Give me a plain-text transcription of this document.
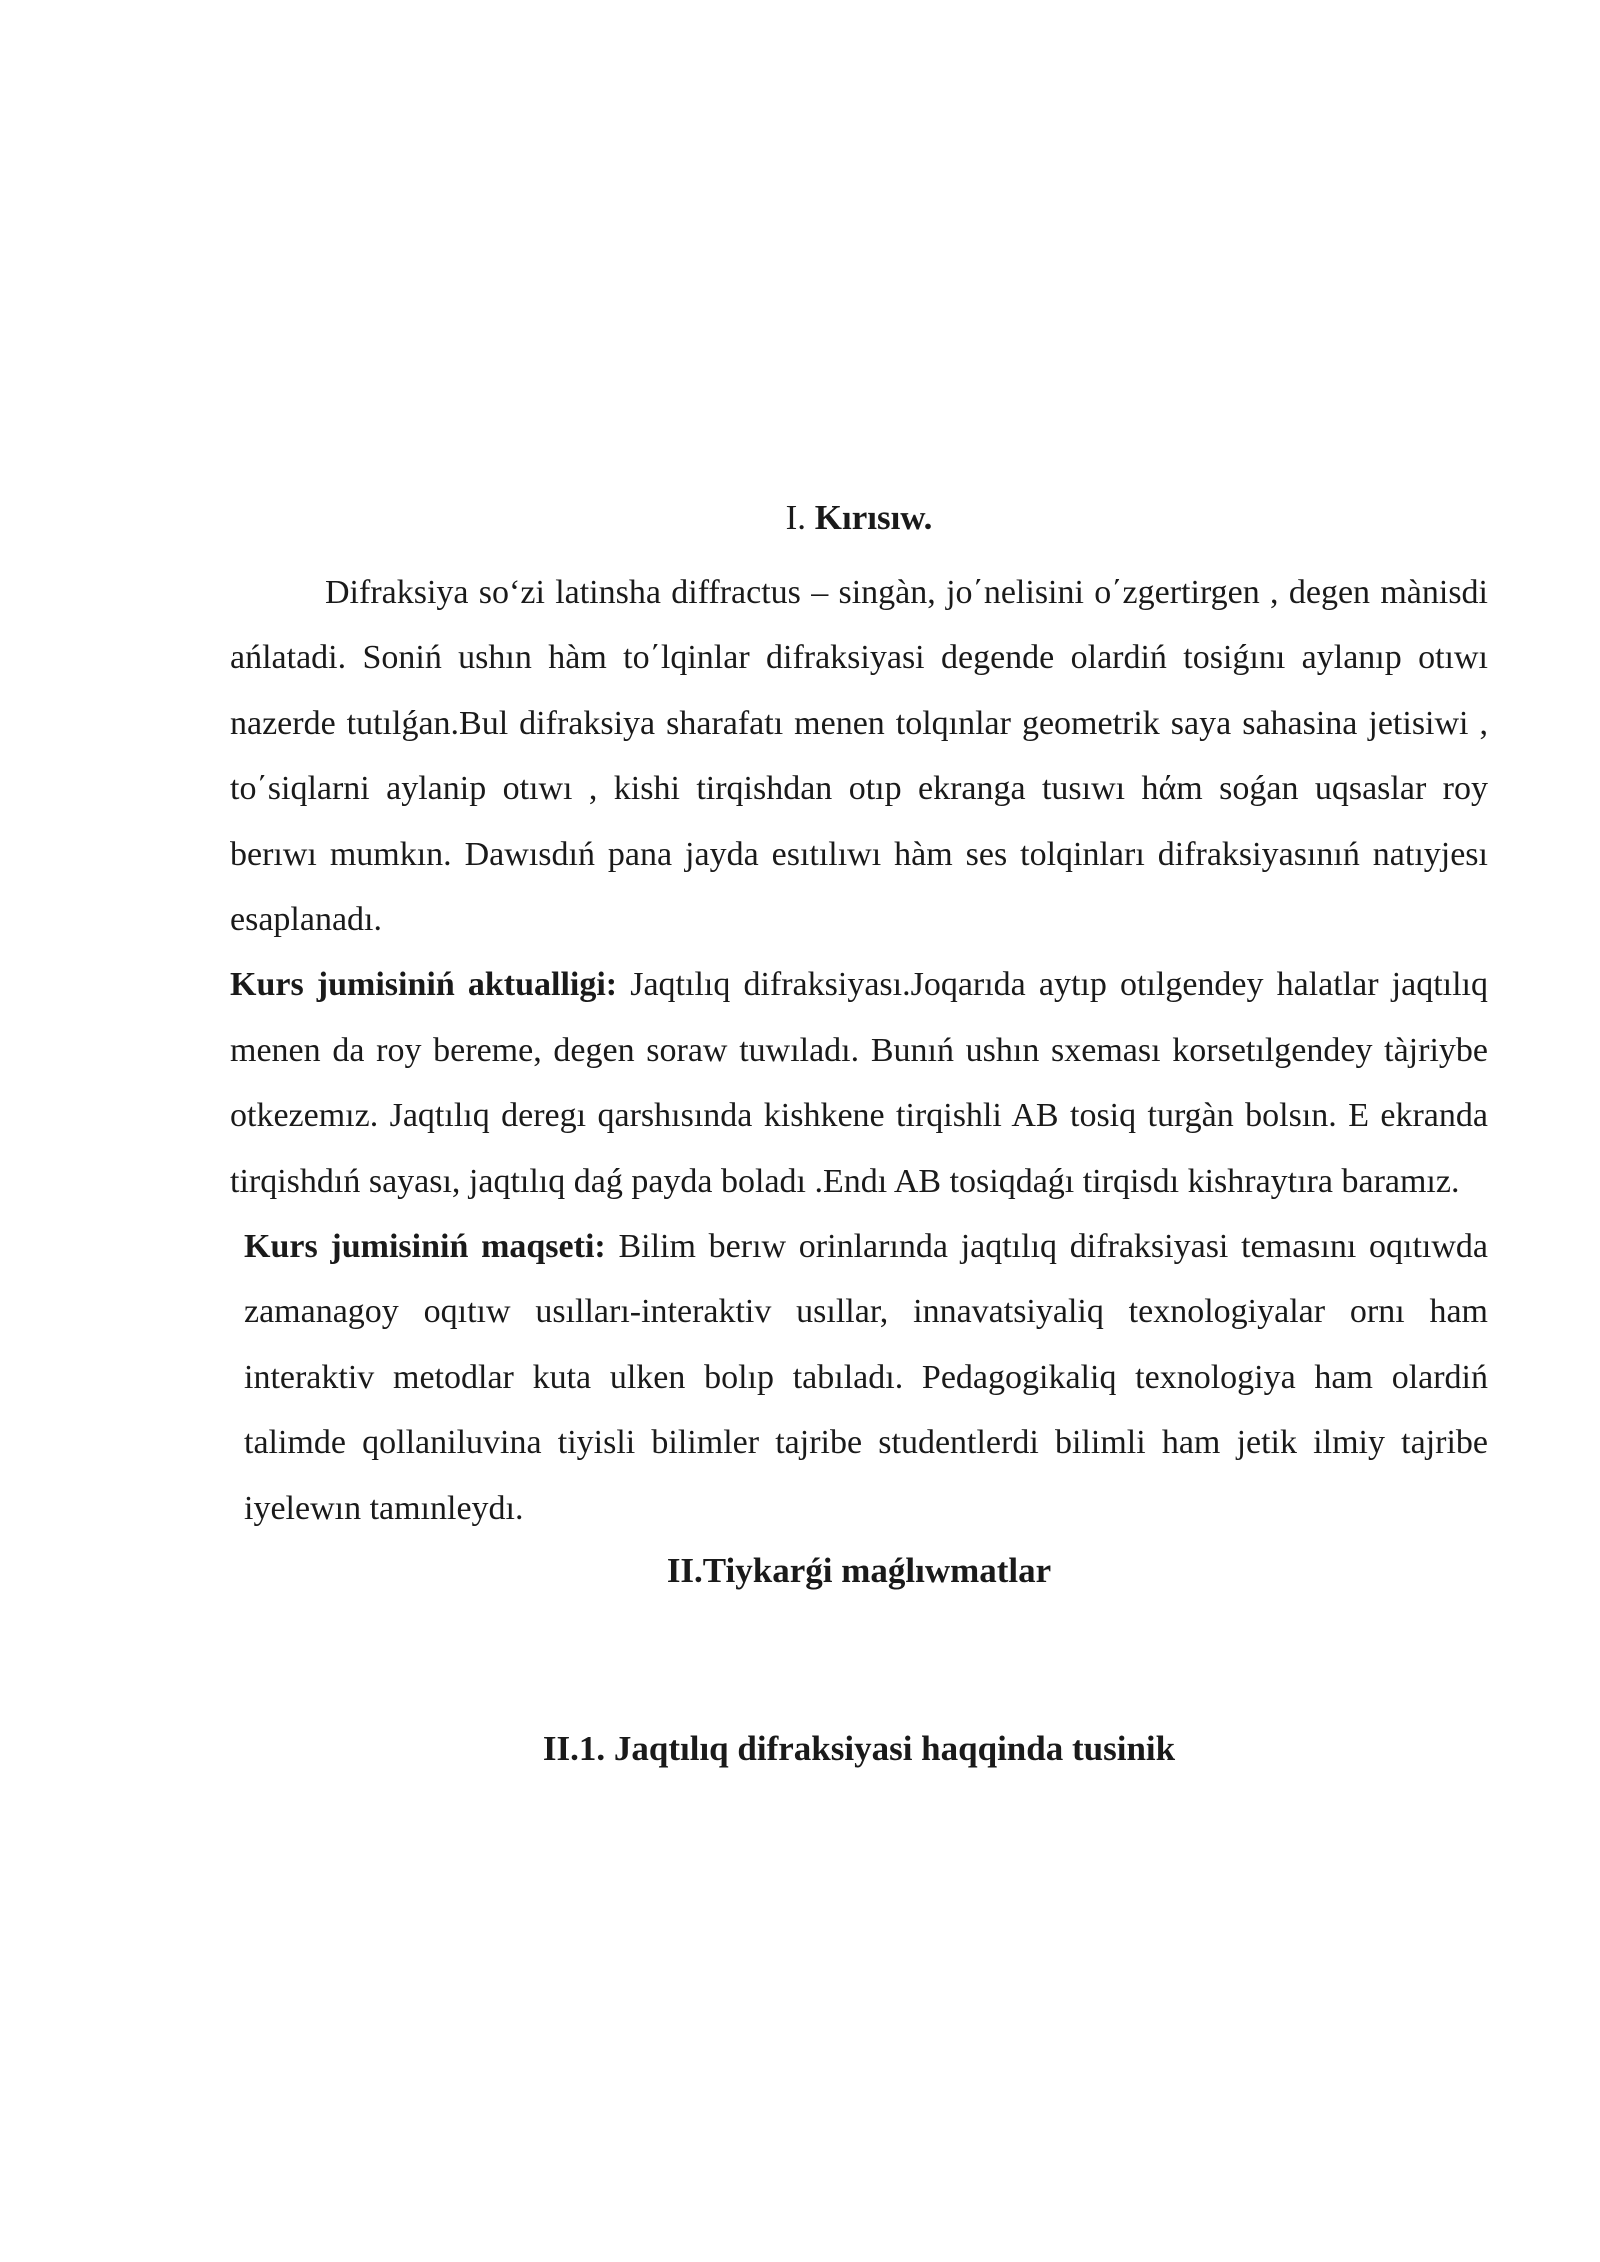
I. Kırısıw.

Difraksiya so‘zi latinsha diffractus – singàn, jo΄nelisini o΄zgertirgen , degen mànisdi ańlatadi. Soniń ushın hàm to΄lqinlar difraksiyasi degende olardiń tosiǵını aylanıp otıwı nazerde tutılǵan.Bul difraksiya sharafatı menen tolqınlar geometrik saya sahasina jetisiwi , to΄siqlarni aylanip otıwı , kishi tirqishdan otıp ekranga tusıwı hάm soǵan uqsaslar roy berıwı mumkın. Dawısdıń pana jayda esıtılıwı hàm ses tolqinları difraksiyasınıń natıyjesı esaplanadı.

Kurs jumisiniń aktualligi: Jaqtılıq difraksiyası.Joqarıda aytıp otılgendey halatlar jaqtılıq menen da roy bereme, degen soraw tuwıladı. Bunıń ushın sxeması korsetılgendey tàjriybe otkezemız. Jaqtılıq deregı qarshısında kishkene tirqishli AB tosiq turgàn bolsın. E ekranda tirqishdıń sayası, jaqtılıq daǵ payda boladı .Endı AB tosiqdaǵı tirqisdı kishraytıra baramız.

Kurs jumisiniń maqseti: Bilim berıw orinlarında jaqtılıq difraksiyasi temasını oqıtıwda zamanagoy oqıtıw usılları-interaktiv usıllar, innavatsiyaliq texnologiyalar ornı ham interaktiv metodlar kuta ulken bolıp tabıladı. Pedagogikaliq texnologiya ham olardiń talimde qollaniluvina tiyisli bilimler tajribe studentlerdi bilimli ham jetik ilmiy tajribe iyelewın tamınleydı.

II.Tiykarǵi maǵlıwmatlar
II.1. Jaqtılıq difraksiyasi haqqinda tusinik
